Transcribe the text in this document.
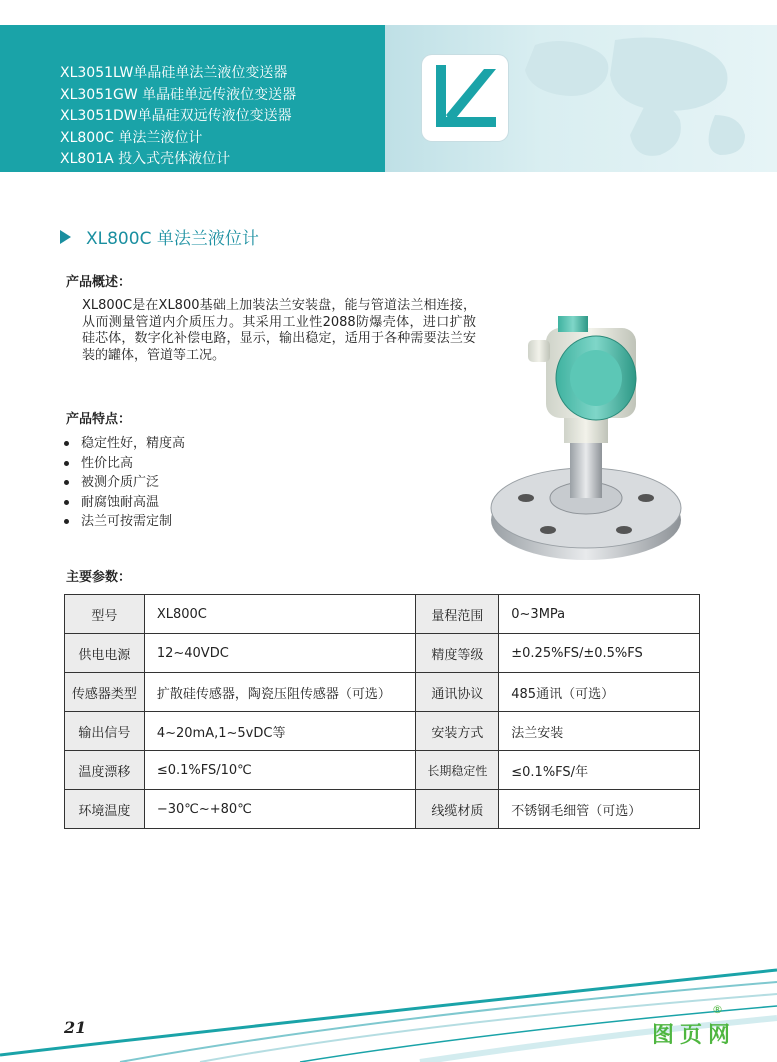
XL3051LW单晶硅单法兰液位变送器
XL3051GW 单晶硅单远传液位变送器
XL3051DW单晶硅双远传液位变送器
XL800C 单法兰液位计
XL801A 投入式壳体液位计
XL801B 投入式液位计
XL800C 单法兰液位计
产品概述：
XL800C是在XL800基础上加装法兰安装盘，能与管道法兰相连接，从而测量管道内介质压力。其采用工业性2088防爆壳体，进口扩散硅芯体，数字化补偿电路，显示，输出稳定，适用于各种需要法兰安装的罐体，管道等工况。
产品特点：
稳定性好，精度高
性价比高
被测介质广泛
耐腐蚀耐高温
法兰可按需定制
主要参数：
型号	XL800C	量程范围	0~3MPa
供电电源	12~40VDC	精度等级	±0.25%FS/±0.5%FS
传感器类型	扩散硅传感器，陶瓷压阻传感器（可选）	通讯协议	485通讯（可选）
输出信号	4~20mA,1~5vDC等	安装方式	法兰安装
温度漂移	≤0.1%FS/10℃	长期稳定性	≤0.1%FS/年
环境温度	−30℃~+80℃	线缆材质	不锈钢毛细管（可选）
21	图页网
®
